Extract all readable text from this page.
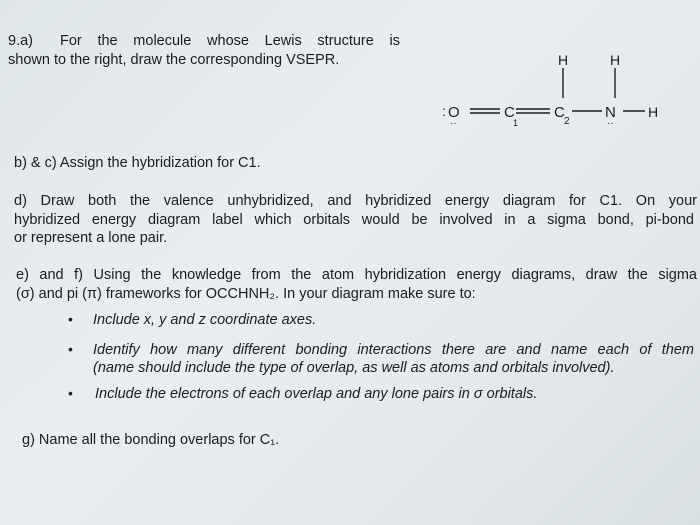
9.a) For the molecule whose Lewis structure is
shown to the right, draw the corresponding VSEPR.
: O
··
C
1
C
2
H
N
··
H
H
b) & c) Assign the hybridization for C1.
d) Draw both the valence unhybridized, and hybridized energy diagram for C1. On your
hybridized energy diagram label which orbitals would be involved in a sigma bond, pi-bond
or represent a lone pair.
e) and f) Using the knowledge from the atom hybridization energy diagrams, draw the sigma
(σ) and pi (π) frameworks for OCCHNH₂. In your diagram make sure to:
• Include x, y and z coordinate axes.
• Identify how many different bonding interactions there are and name each of them
(name should include the type of overlap, as well as atoms and orbitals involved).
• Include the electrons of each overlap and any lone pairs in σ orbitals.
g) Name all the bonding overlaps for C₁.
